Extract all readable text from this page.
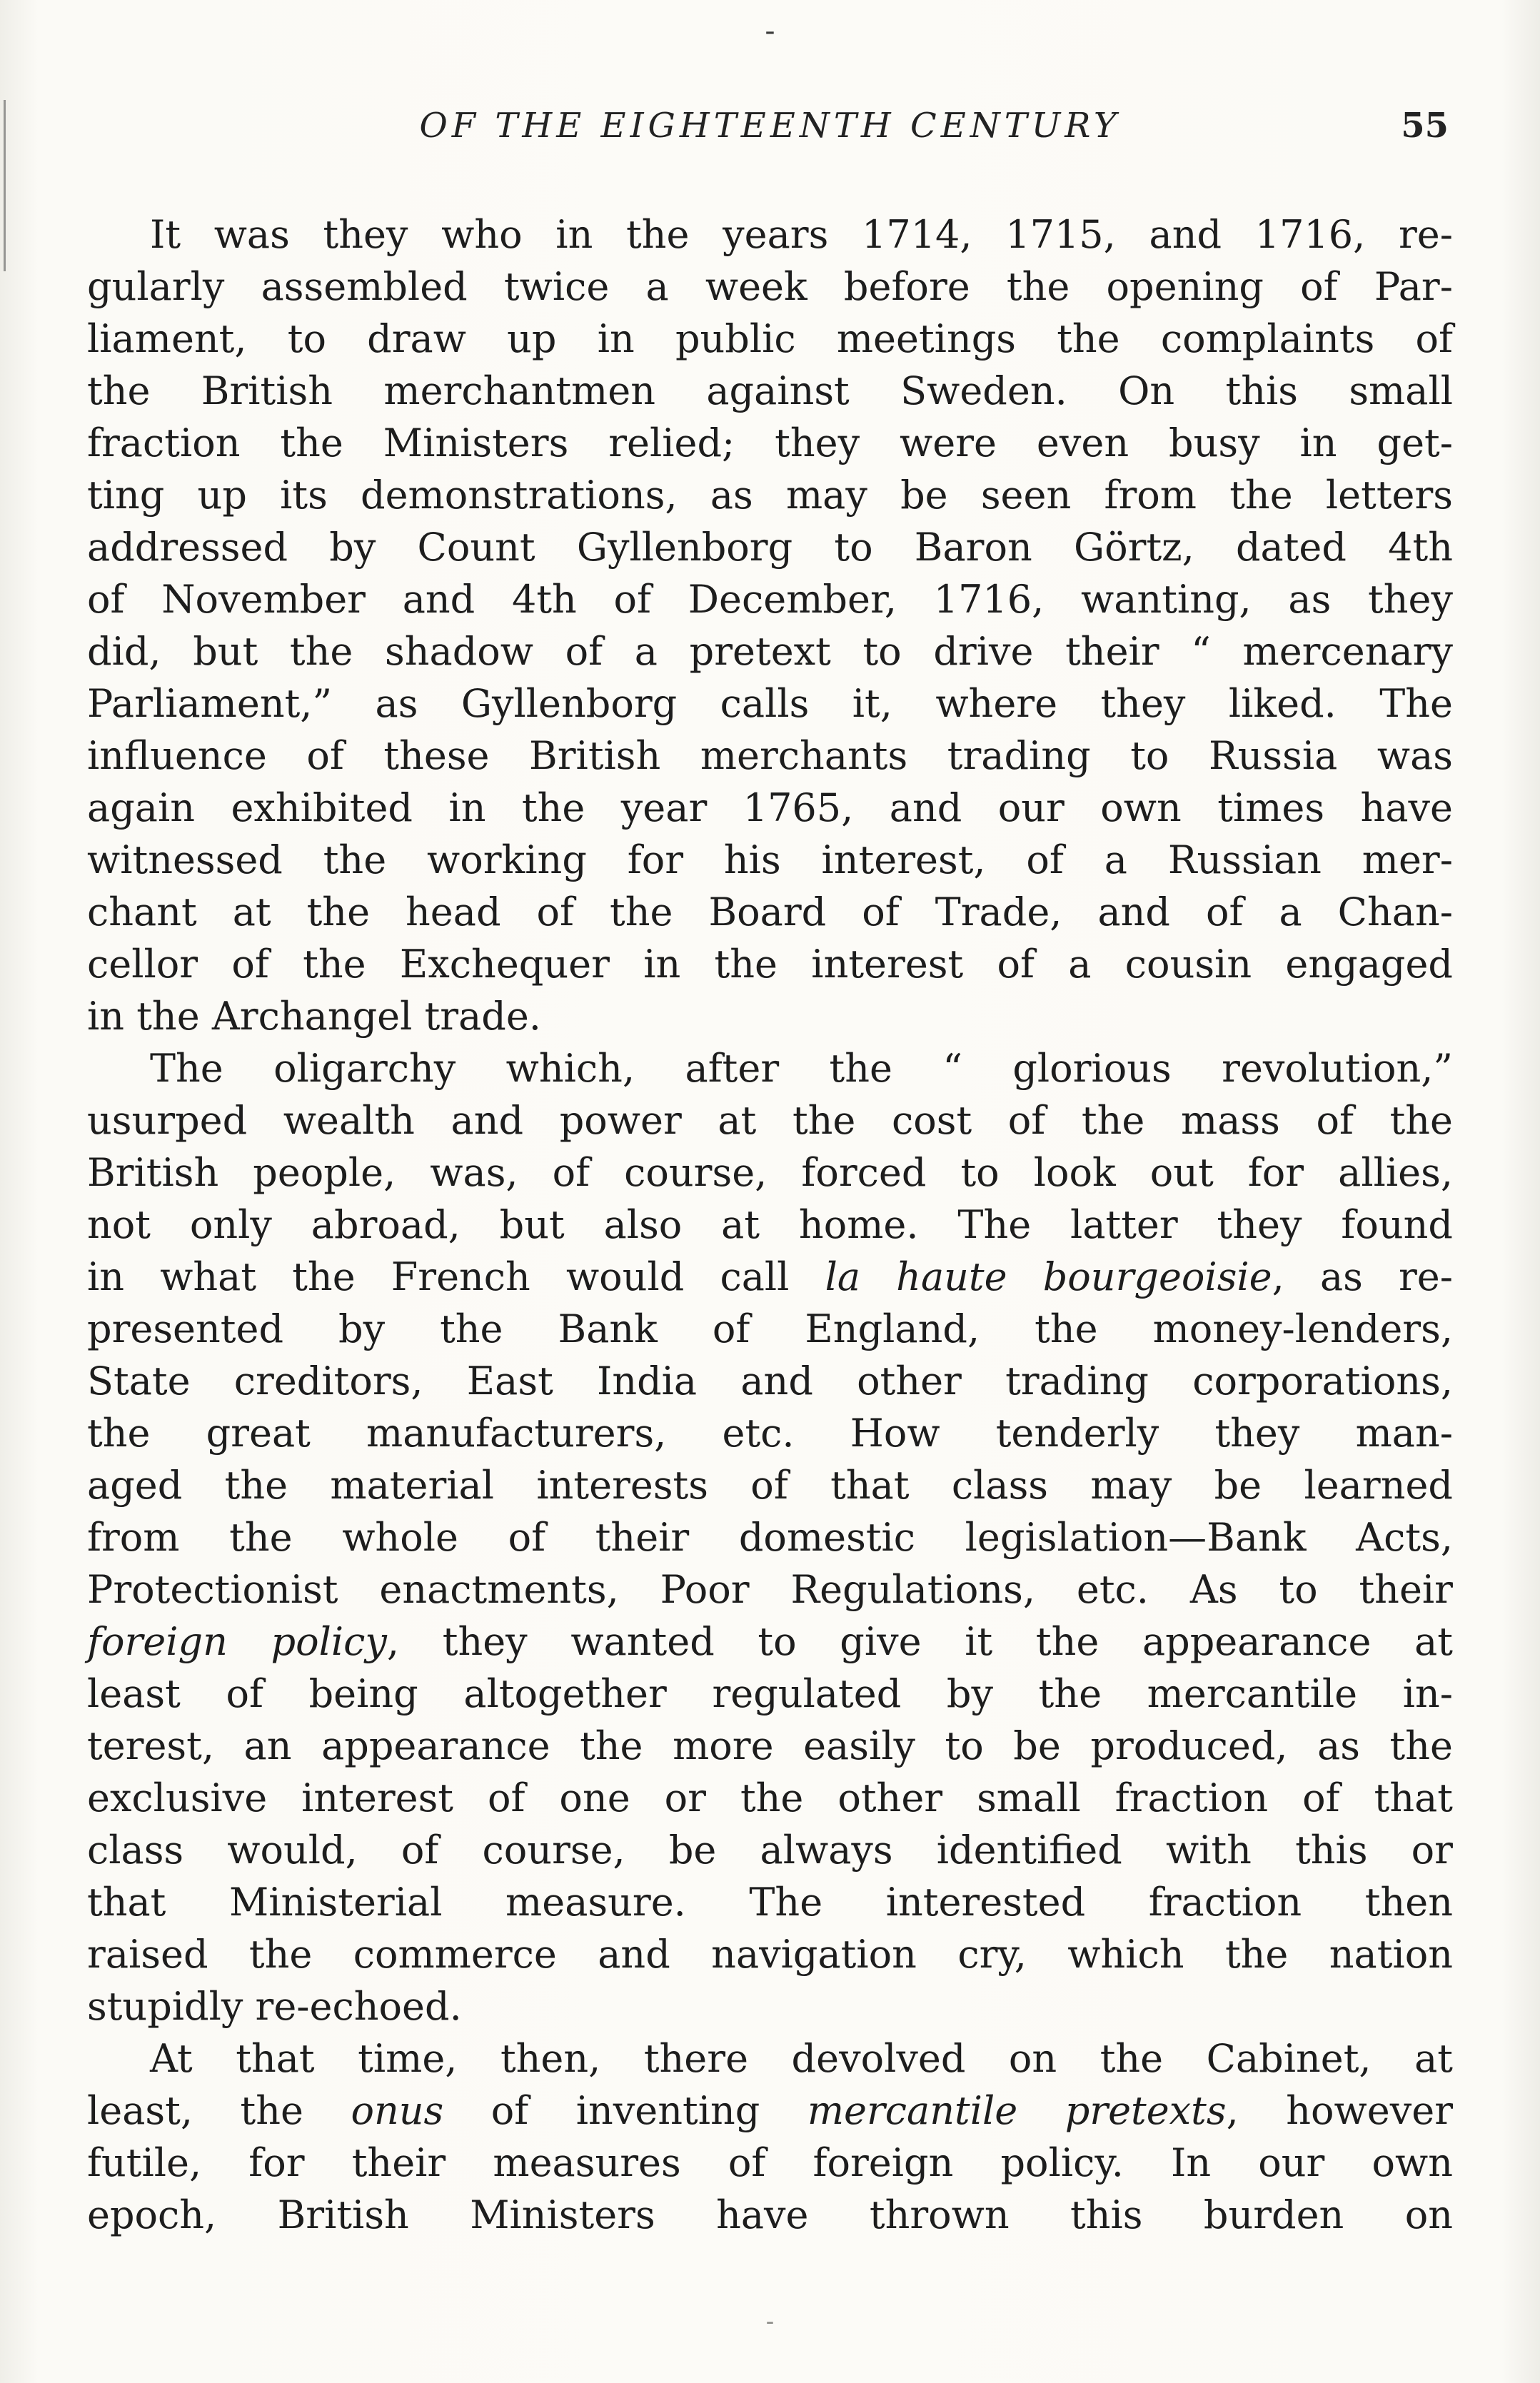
-
OF THE EIGHTEENTH CENTURY	55
It was they who in the years 1714, 1715, and 1716, re-
gularly assembled twice a week before the opening of Par-
liament, to draw up in public meetings the complaints of
the British merchantmen against Sweden. On this small
fraction the Ministers relied; they were even busy in get-
ting up its demonstrations, as may be seen from the letters
addressed by Count Gyllenborg to Baron Görtz, dated 4th
of November and 4th of December, 1716, wanting, as they
did, but the shadow of a pretext to drive their “ mercenary
Parliament,” as Gyllenborg calls it, where they liked. The
influence of these British merchants trading to Russia was
again exhibited in the year 1765, and our own times have
witnessed the working for his interest, of a Russian mer-
chant at the head of the Board of Trade, and of a Chan-
cellor of the Exchequer in the interest of a cousin engaged
in the Archangel trade.
The oligarchy which, after the “ glorious revolution,”
usurped wealth and power at the cost of the mass of the
British people, was, of course, forced to look out for allies,
not only abroad, but also at home. The latter they found
in what the French would call la haute bourgeoisie, as re-
presented by the Bank of England, the money-lenders,
State creditors, East India and other trading corporations,
the great manufacturers, etc. How tenderly they man-
aged the material interests of that class may be learned
from the whole of their domestic legislation—Bank Acts,
Protectionist enactments, Poor Regulations, etc. As to their
foreign policy, they wanted to give it the appearance at
least of being altogether regulated by the mercantile in-
terest, an appearance the more easily to be produced, as the
exclusive interest of one or the other small fraction of that
class would, of course, be always identified with this or
that Ministerial measure. The interested fraction then
raised the commerce and navigation cry, which the nation
stupidly re-echoed.
At that time, then, there devolved on the Cabinet, at
least, the onus of inventing mercantile pretexts, however
futile, for their measures of foreign policy. In our own
epoch, British Ministers have thrown this burden on
-
